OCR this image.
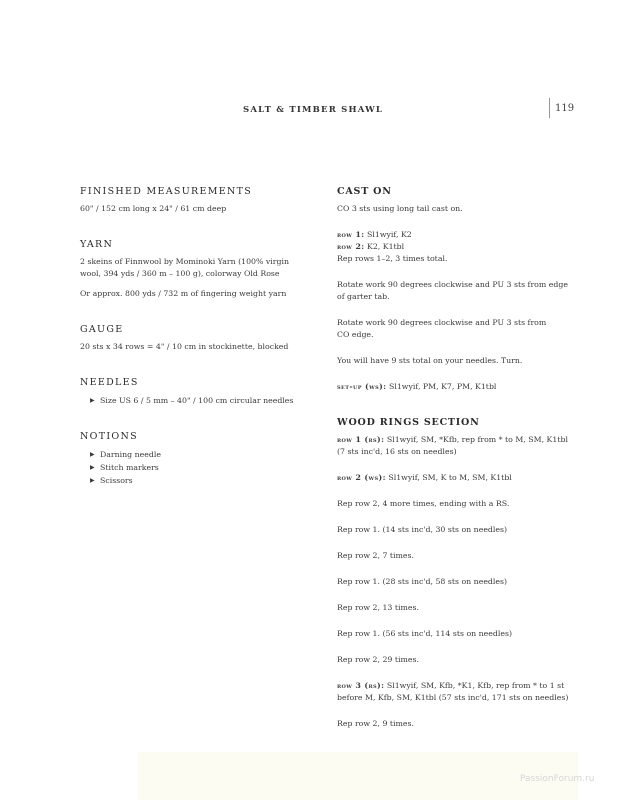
SALT & TIMBER SHAWL	119
FINISHED MEASUREMENTS

60" / 152 cm long x 24" / 61 cm deep

YARN

2 skeins of Finnwool by Mominoki Yarn (100% virgin

wool, 394 yds / 360 m – 100 g), colorway Old Rose

Or approx. 800 yds / 732 m of fingering weight yarn

GAUGE

20 sts x 34 rows = 4" / 10 cm in stockinette, blocked

NEEDLES
▶ Size US 6 / 5 mm – 40" / 100 cm circular needles
NOTIONS
▶ Darning needle
▶ Stitch markers
▶ Scissors
CAST ON

CO 3 sts using long tail cast on.

row 1: Sl1wyif, K2

row 2: K2, K1tbl

Rep rows 1–2, 3 times total.

Rotate work 90 degrees clockwise and PU 3 sts from edge

of garter tab.

Rotate work 90 degrees clockwise and PU 3 sts from

CO edge.

You will have 9 sts total on your needles. Turn.

set-up (ws): Sl1wyif, PM, K7, PM, K1tbl

WOOD RINGS SECTION

row 1 (rs): Sl1wyif, SM, *Kfb, rep from * to M, SM, K1tbl

(7 sts inc'd, 16 sts on needles)

row 2 (ws): Sl1wyif, SM, K to M, SM, K1tbl

Rep row 2, 4 more times, ending with a RS.

Rep row 1. (14 sts inc'd, 30 sts on needles)

Rep row 2, 7 times.

Rep row 1. (28 sts inc'd, 58 sts on needles)

Rep row 2, 13 times.

Rep row 1. (56 sts inc'd, 114 sts on needles)

Rep row 2, 29 times.

row 3 (rs): Sl1wyif, SM, Kfb, *K1, Kfb, rep from * to 1 st

before M, Kfb, SM, K1tbl (57 sts inc'd, 171 sts on needles)

Rep row 2, 9 times.

PassionForum.ru
